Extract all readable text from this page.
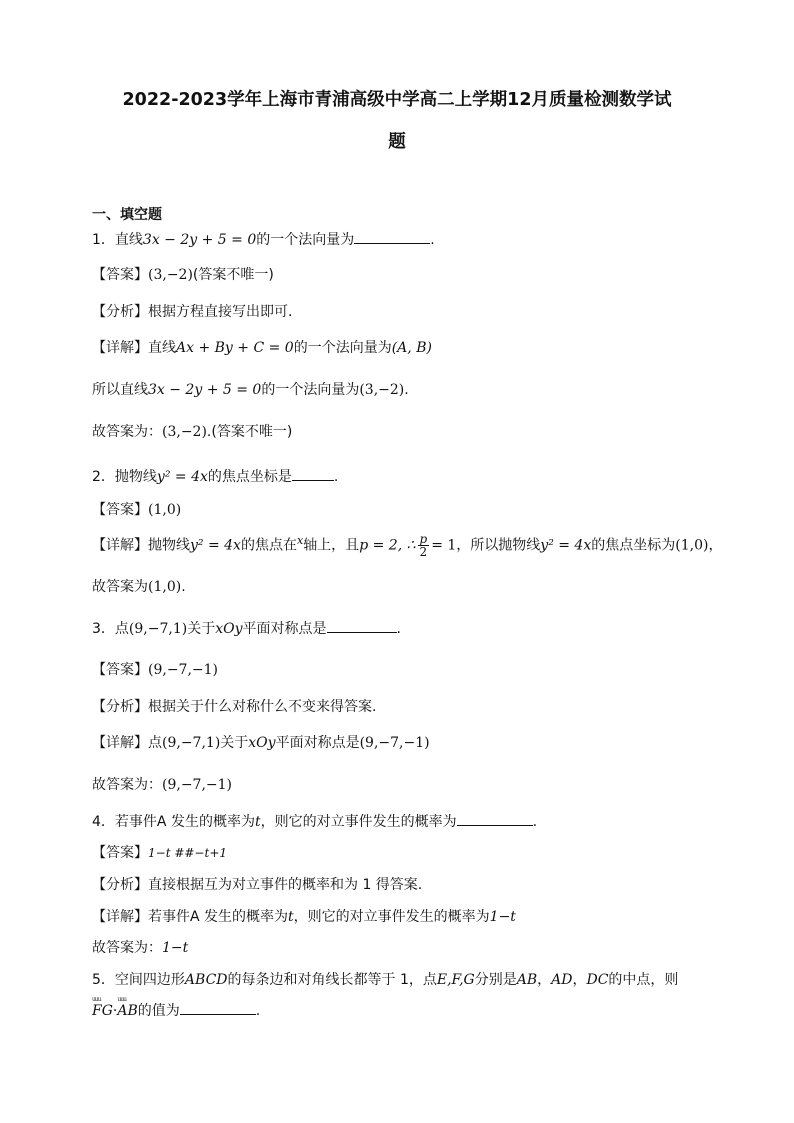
2022-2023学年上海市青浦高级中学高二上学期12月质量检测数学试
题
一、填空题
1．直线3x − 2y + 5 = 0的一个法向量为	.
【答案】(3,−2)(答案不唯一)
【分析】根据方程直接写出即可.
【详解】直线Ax + By + C = 0的一个法向量为(A, B)
所以直线3x − 2y + 5 = 0的一个法向量为(3,−2).
故答案为：(3,−2).(答案不唯一)
2．抛物线y² = 4x的焦点坐标是	.
【答案】(1,0)
【详解】抛物线y² = 4x的焦点在$^x$轴上，且p = 2, ∴ $\frac{p}{2} = 1$，所以抛物线y² = 4x的焦点坐标为(1,0)，
故答案为(1,0).
3．点(9,−7,1)关于xOy平面对称点是	.
【答案】(9,−7,−1)
【分析】根据关于什么对称什么不变来得答案.
【详解】点(9,−7,1)关于xOy平面对称点是(9,−7,−1)
故答案为：(9,−7,−1)
4．若事件A 发生的概率为t，则它的对立事件发生的概率为	.
【答案】1−t ##−t+1
【分析】直接根据互为对立事件的概率和为 1 得答案.
【详解】若事件A 发生的概率为t，则它的对立事件发生的概率为1−t
故答案为：1−t
5．空间四边形ABCD的每条边和对角线长都等于 1，点E,F,G分别是AB，AD，DC的中点，则
uuu FG·uuu AB的值为	.
